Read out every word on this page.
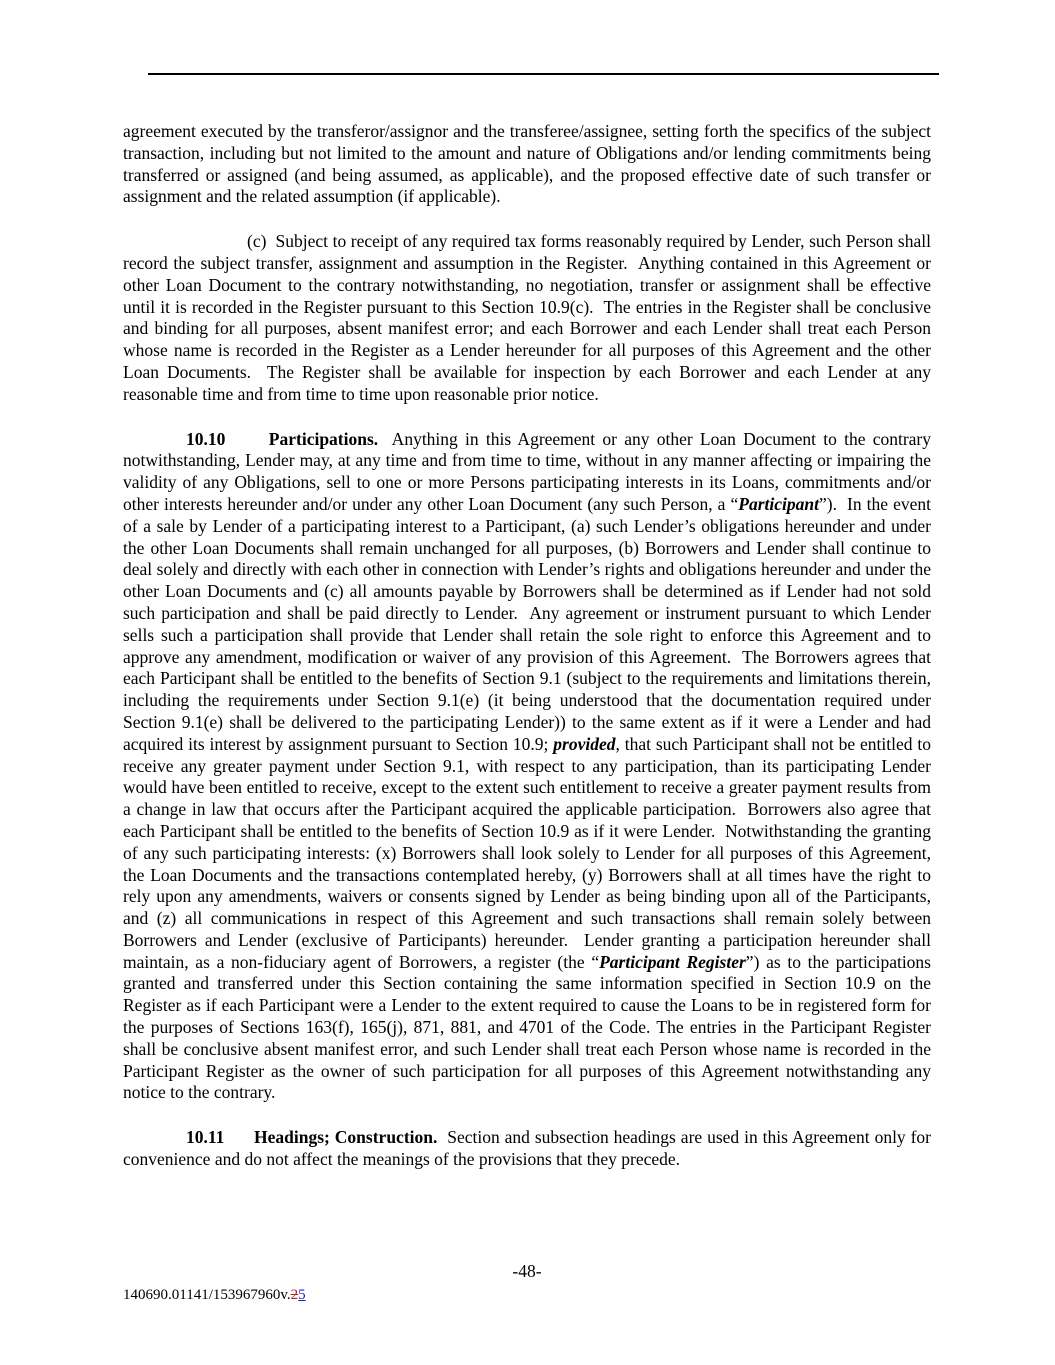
agreement executed by the transferor/assignor and the transferee/assignee, setting forth the specifics of the subject transaction, including but not limited to the amount and nature of Obligations and/or lending commitments being transferred or assigned (and being assumed, as applicable), and the proposed effective date of such transfer or assignment and the related assumption (if applicable).

(c)  Subject to receipt of any required tax forms reasonably required by Lender, such Person shall record the subject transfer, assignment and assumption in the Register.  Anything contained in this Agreement or other Loan Document to the contrary notwithstanding, no negotiation, transfer or assignment shall be effective until it is recorded in the Register pursuant to this Section 10.9(c).  The entries in the Register shall be conclusive and binding for all purposes, absent manifest error; and each Borrower and each Lender shall treat each Person whose name is recorded in the Register as a Lender hereunder for all purposes of this Agreement and the other Loan Documents.  The Register shall be available for inspection by each Borrower and each Lender at any reasonable time and from time to time upon reasonable prior notice.

10.10 Participations.  Anything in this Agreement or any other Loan Document to the contrary notwithstanding, Lender may, at any time and from time to time, without in any manner affecting or impairing the validity of any Obligations, sell to one or more Persons participating interests in its Loans, commitments and/or other interests hereunder and/or under any other Loan Document (any such Person, a “Participant”).  In the event of a sale by Lender of a participating interest to a Participant, (a) such Lender’s obligations hereunder and under the other Loan Documents shall remain unchanged for all purposes, (b) Borrowers and Lender shall continue to deal solely and directly with each other in connection with Lender’s rights and obligations hereunder and under the other Loan Documents and (c) all amounts payable by Borrowers shall be determined as if Lender had not sold such participation and shall be paid directly to Lender.  Any agreement or instrument pursuant to which Lender sells such a participation shall provide that Lender shall retain the sole right to enforce this Agreement and to approve any amendment, modification or waiver of any provision of this Agreement.  The Borrowers agrees that each Participant shall be entitled to the benefits of Section 9.1 (subject to the requirements and limitations therein, including the requirements under Section 9.1(e) (it being understood that the documentation required under Section 9.1(e) shall be delivered to the participating Lender)) to the same extent as if it were a Lender and had acquired its interest by assignment pursuant to Section 10.9; provided, that such Participant shall not be entitled to receive any greater payment under Section 9.1, with respect to any participation, than its participating Lender would have been entitled to receive, except to the extent such entitlement to receive a greater payment results from a change in law that occurs after the Participant acquired the applicable participation.  Borrowers also agree that each Participant shall be entitled to the benefits of Section 10.9 as if it were Lender.  Notwithstanding the granting of any such participating interests: (x) Borrowers shall look solely to Lender for all purposes of this Agreement, the Loan Documents and the transactions contemplated hereby, (y) Borrowers shall at all times have the right to rely upon any amendments, waivers or consents signed by Lender as being binding upon all of the Participants, and (z) all communications in respect of this Agreement and such transactions shall remain solely between Borrowers and Lender (exclusive of Participants) hereunder.  Lender granting a participation hereunder shall maintain, as a non-fiduciary agent of Borrowers, a register (the “Participant Register”) as to the participations granted and transferred under this Section containing the same information specified in Section 10.9 on the Register as if each Participant were a Lender to the extent required to cause the Loans to be in registered form for the purposes of Sections 163(f), 165(j), 871, 881, and 4701 of the Code. The entries in the Participant Register shall be conclusive absent manifest error, and such Lender shall treat each Person whose name is recorded in the Participant Register as the owner of such participation for all purposes of this Agreement notwithstanding any notice to the contrary.

10.11 Headings; Construction.  Section and subsection headings are used in this Agreement only for convenience and do not affect the meanings of the provisions that they precede.

-48-
140690.01141/153967960v.25
